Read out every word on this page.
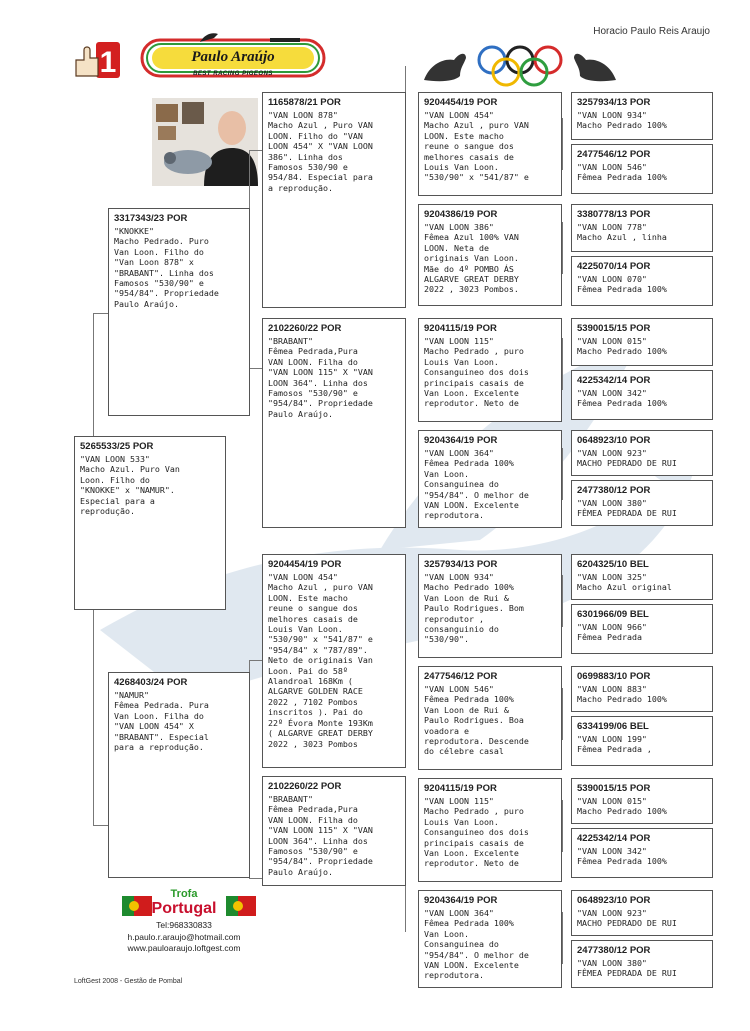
Horacio Paulo Reis Araujo
1	Paulo Araújo
BEST RACING PIGEONS
5265533/25 POR
"VAN LOON 533"
Macho Azul. Puro Van
Loon. Filho do
"KNOKKE" x "NAMUR".
Especial para a
reprodução.
3317343/23 POR
"KNOKKE"
Macho Pedrado. Puro
Van Loon. Filho do
"Van Loon 878" x
"BRABANT". Linha dos
Famosos "530/90" e
"954/84". Propriedade
Paulo Araújo.
4268403/24 POR
"NAMUR"
Fêmea Pedrada. Pura
Van Loon. Filha do
"VAN LOON 454" X
"BRABANT". Especial
para a reprodução.
1165878/21 POR
"VAN LOON 878"
Macho Azul , Puro VAN
LOON. Filho do "VAN
LOON 454" X "VAN LOON
386". Linha dos
Famosos 530/90 e
954/84. Especial para
a reprodução.
2102260/22 POR
"BRABANT"
Fêmea Pedrada,Pura
VAN LOON. Filha do
"VAN LOON 115" X "VAN
LOON 364". Linha dos
Famosos "530/90" e
"954/84". Propriedade
Paulo Araújo.
9204454/19 POR
"VAN LOON 454"
Macho Azul , puro VAN
LOON. Este macho
reune o sangue dos
melhores casais de
Louis Van Loon.
"530/90" x "541/87" e
"954/84" x "787/89".
Neto de originais Van
Loon. Pai do 58º
Alandroal 168Km (
ALGARVE GOLDEN RACE
2022 , 7102 Pombos
inscritos ). Pai do
22º Évora Monte 193Km
( ALGARVE GREAT DERBY
2022 , 3023 Pombos
2102260/22 POR
"BRABANT"
Fêmea Pedrada,Pura
VAN LOON. Filha do
"VAN LOON 115" X "VAN
LOON 364". Linha dos
Famosos "530/90" e
"954/84". Propriedade
Paulo Araújo.
9204454/19 POR
"VAN LOON 454"
Macho Azul , puro VAN
LOON. Este macho
reune o sangue dos
melhores casais de
Louis Van Loon.
"530/90" x "541/87" e
9204386/19 POR
"VAN LOON 386"
Fêmea Azul 100% VAN
LOON. Neta de
originais Van Loon.
Mãe do 4º POMBO ÁS
ALGARVE GREAT DERBY
2022 , 3023 Pombos.
9204115/19 POR
"VAN LOON 115"
Macho Pedrado , puro
Louis Van Loon.
Consanguineo dos dois
principais casais de
Van Loon. Excelente
reprodutor. Neto de
9204364/19 POR
"VAN LOON 364"
Fêmea Pedrada 100%
Van Loon.
Consanguinea do
"954/84". O melhor de
VAN LOON. Excelente
reprodutora.
3257934/13 POR
"VAN LOON 934"
Macho Pedrado 100%
Van Loon de Rui &
Paulo Rodrigues. Bom
reprodutor ,
consanguinio do
"530/90".
2477546/12 POR
"VAN LOON 546"
Fêmea Pedrada 100%
Van Loon de Rui &
Paulo Rodrigues. Boa
voadora e
reprodutora. Descende
do célebre casal
9204115/19 POR
"VAN LOON 115"
Macho Pedrado , puro
Louis Van Loon.
Consanguineo dos dois
principais casais de
Van Loon. Excelente
reprodutor. Neto de
9204364/19 POR
"VAN LOON 364"
Fêmea Pedrada 100%
Van Loon.
Consanguinea do
"954/84". O melhor de
VAN LOON. Excelente
reprodutora.
3257934/13 POR
"VAN LOON 934"
Macho Pedrado 100%
2477546/12 POR
"VAN LOON 546"
Fêmea Pedrada 100%
3380778/13 POR
"VAN LOON 778"
Macho Azul , linha
4225070/14 POR
"VAN LOON 070"
Fêmea Pedrada 100%
5390015/15 POR
"VAN LOON 015"
Macho Pedrado 100%
4225342/14 POR
"VAN LOON 342"
Fêmea Pedrada 100%
0648923/10 POR
"VAN LOON 923"
MACHO PEDRADO DE RUI
2477380/12 POR
"VAN LOON 380"
FÊMEA PEDRADA DE RUI
6204325/10 BEL
"VAN LOON 325"
Macho Azul original
6301966/09 BEL
"VAN LOON 966"
Fêmea Pedrada
0699883/10 POR
"VAN LOON 883"
Macho Pedrado 100%
6334199/06 BEL
"VAN LOON 199"
Fêmea Pedrada ,
5390015/15 POR
"VAN LOON 015"
Macho Pedrado 100%
4225342/14 POR
"VAN LOON 342"
Fêmea Pedrada 100%
0648923/10 POR
"VAN LOON 923"
MACHO PEDRADO DE RUI
2477380/12 POR
"VAN LOON 380"
FÊMEA PEDRADA DE RUI
Trofa
Portugal
Tel:968330833
h.paulo.r.araujo@hotmail.com
www.pauloaraujo.loftgest.com
LoftGest 2008 - Gestão de Pombal
